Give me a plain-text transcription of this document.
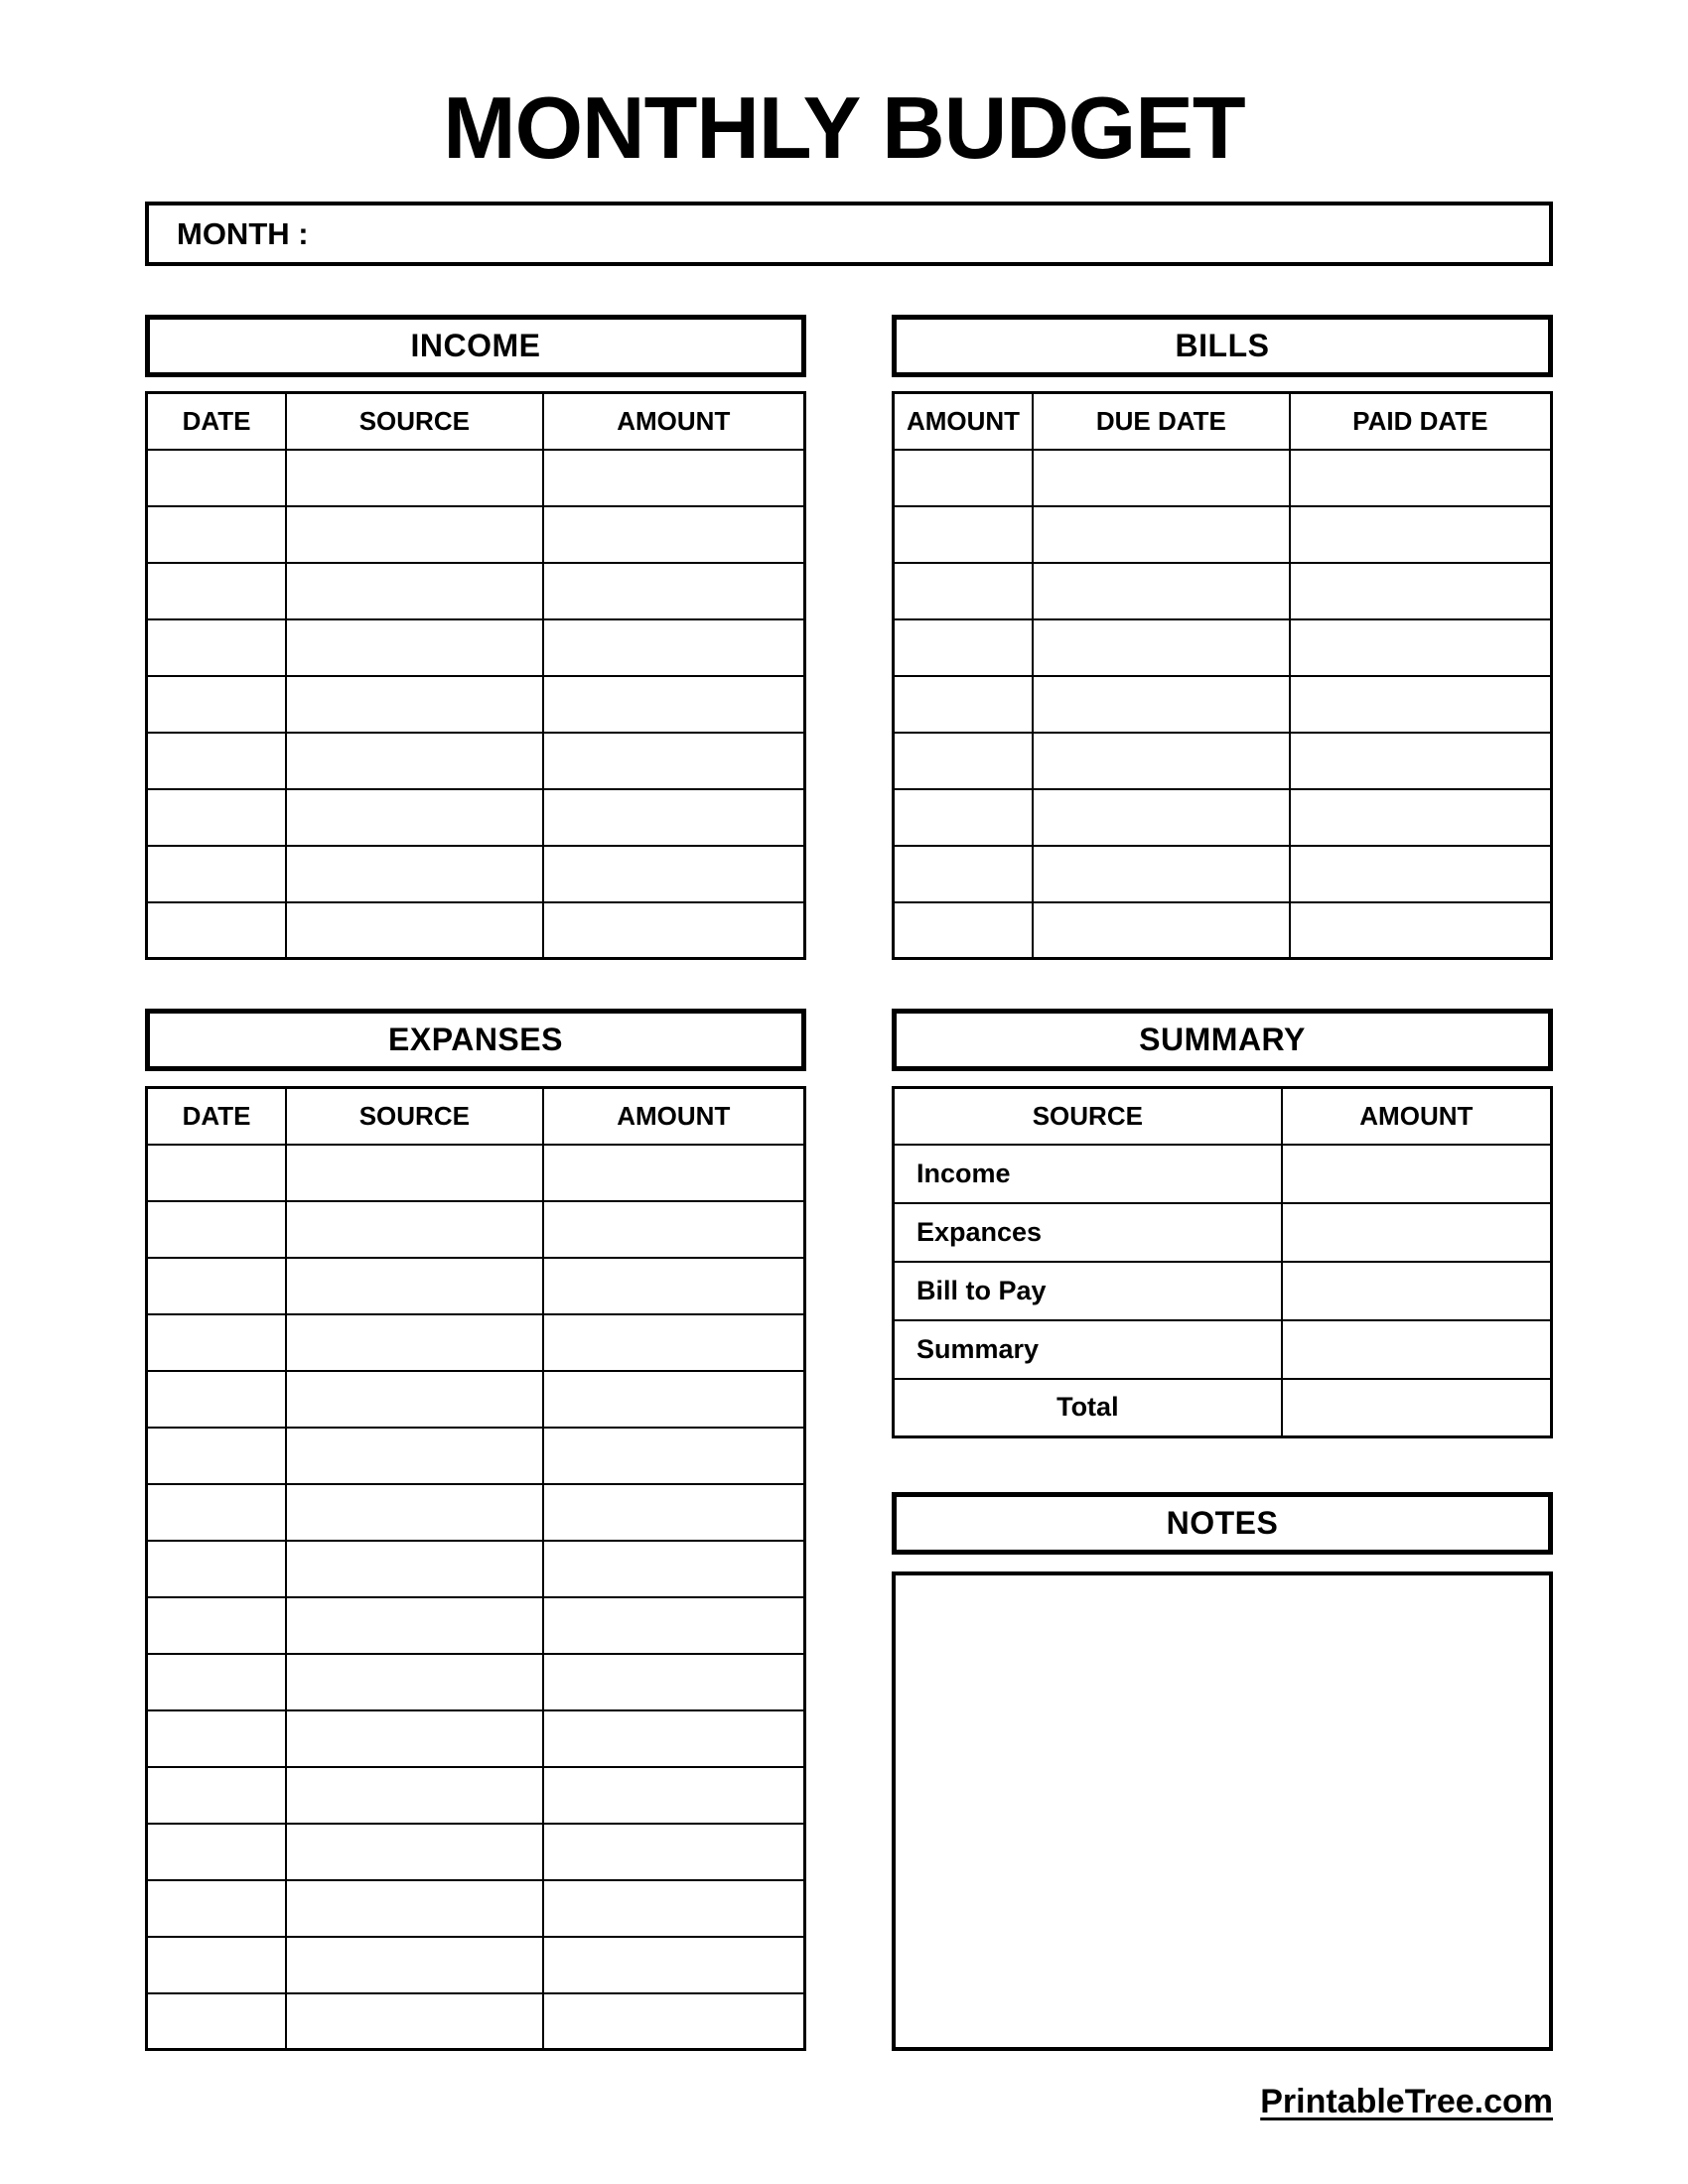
MONTHLY BUDGET
MONTH :
INCOME
DATE	SOURCE	AMOUNT

EXPANSES
DATE	SOURCE	AMOUNT

BILLS
AMOUNT	DUE DATE	PAID DATE

SUMMARY
SOURCE	AMOUNT
Income	
Expances	
Bill to Pay	
Summary	
Total	
NOTES
PrintableTree.com
